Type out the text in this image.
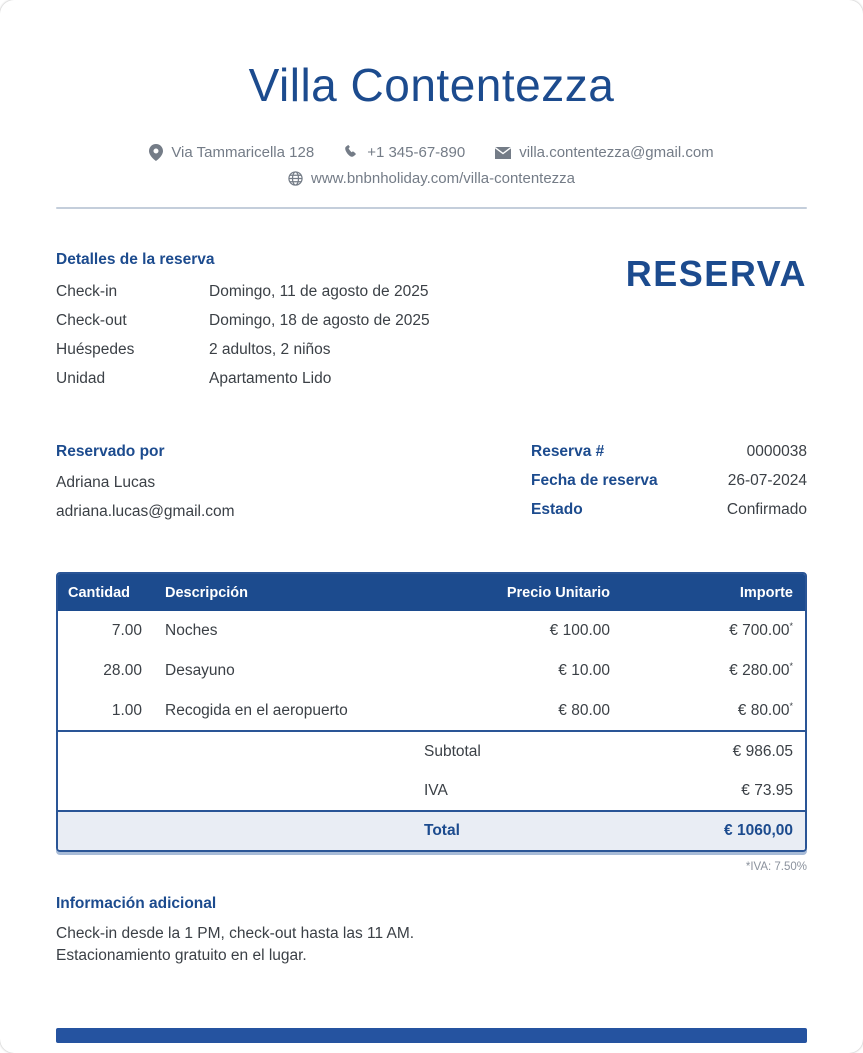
Villa Contentezza
Via Tammaricella 128	+1 345-67-890	villa.contentezza@gmail.com
www.bnbnholiday.com/villa-contentezza
Detalles de la reserva
Check-in	Domingo, 11 de agosto de 2025
Check-out	Domingo, 18 de agosto de 2025
Huéspedes	2 adultos, 2 niños
Unidad	Apartamento Lido
RESERVA
Reservado por
Adriana Lucas
adriana.lucas@gmail.com
Reserva #	0000038
Fecha de reserva	26-07-2024
Estado	Confirmado
Cantidad	Descripción	Precio Unitario	Importe
7.00	Noches	€ 100.00	€ 700.00*
28.00	Desayuno	€ 10.00	€ 280.00*
1.00	Recogida en el aeropuerto	€ 80.00	€ 80.00*
		Subtotal	€ 986.05
		IVA	€ 73.95
		Total	€ 1060,00
*IVA: 7.50%
Información adicional

Check-in desde la 1 PM, check-out hasta las 11 AM.

Estacionamiento gratuito en el lugar.
